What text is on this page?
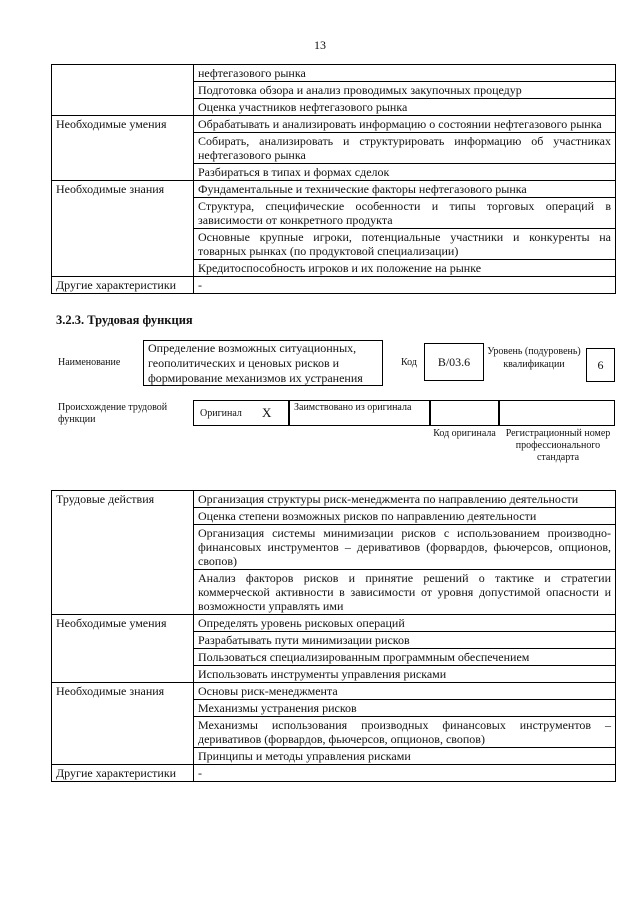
13
	нефтегазового рынка
	Подготовка обзора и анализ проводимых закупочных процедур
	Оценка участников нефтегазового рынка
Необходимые умения	Обрабатывать и анализировать информацию о состоянии нефтегазового рынка
	Собирать, анализировать и структурировать информацию об участниках нефтегазового рынка
	Разбираться в типах и формах сделок
Необходимые знания	Фундаментальные и технические факторы нефтегазового рынка
	Структура, специфические особенности и типы торговых операций в зависимости от конкретного продукта
	Основные крупные игроки, потенциальные участники и конкуренты на товарных рынках (по продуктовой специализации)
	Кредитоспособность игроков и их положение на рынке
Другие характеристики	-
3.2.3. Трудовая функция
Наименование
Определение возможных ситуационных, геополитических и ценовых рисков и формирование механизмов их устранения
Код	B/03.6
Уровень (подуровень) квалификации	6
Происхождение трудовой функции
Оригинал X Заимствовано из оригинала
Код оригинала Регистрационный номер профессионального стандарта
Трудовые действия	Организация структуры риск-менеджмента по направлению деятельности
	Оценка степени возможных рисков по направлению деятельности
	Организация системы минимизации рисков с использованием производно-финансовых инструментов – деривативов (форвардов, фьючерсов, опционов, свопов)
	Анализ факторов рисков и принятие решений о тактике и стратегии коммерческой активности в зависимости от уровня допустимой опасности и возможности управлять ими
Необходимые умения	Определять уровень рисковых операций
	Разрабатывать пути минимизации рисков
	Пользоваться специализированным программным обеспечением
	Использовать инструменты управления рисками
Необходимые знания	Основы риск-менеджмента
	Механизмы устранения рисков
	Механизмы использования производных финансовых инструментов – деривативов (форвардов, фьючерсов, опционов, свопов)
	Принципы и методы управления рисками
Другие характеристики	-
